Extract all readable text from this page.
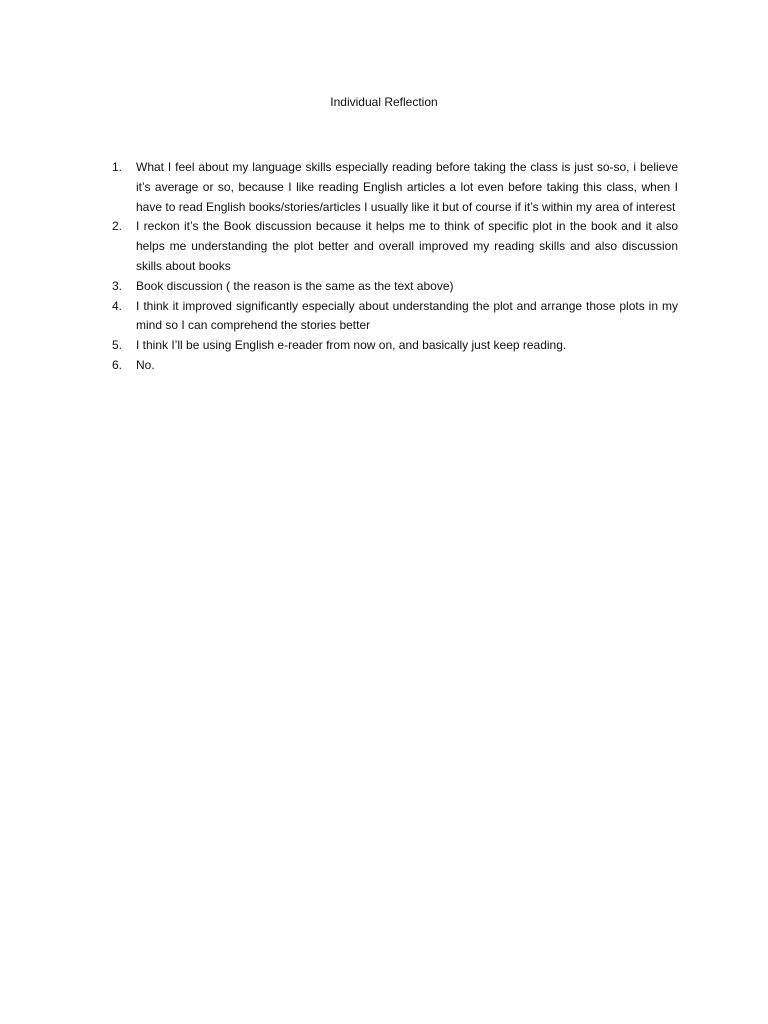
Individual Reflection
1.	What I feel about my language skills especially reading before taking the class is just so-so, i believe it’s average or so, because I like reading English articles a lot even before taking this class, when I have to read English books/stories/articles I usually like it but of course if it’s within my area of interest
2.	I reckon it’s the Book discussion because it helps me to think of specific plot in the book and it also helps me understanding the plot better and overall improved my reading skills and also discussion skills about books
3.	Book discussion ( the reason is the same as the text above)
4.	I think it improved significantly especially about understanding the plot and arrange those plots in my mind so I can comprehend the stories better
5.	I think I’ll be using English e-reader from now on, and basically just keep reading.
6.	No.
